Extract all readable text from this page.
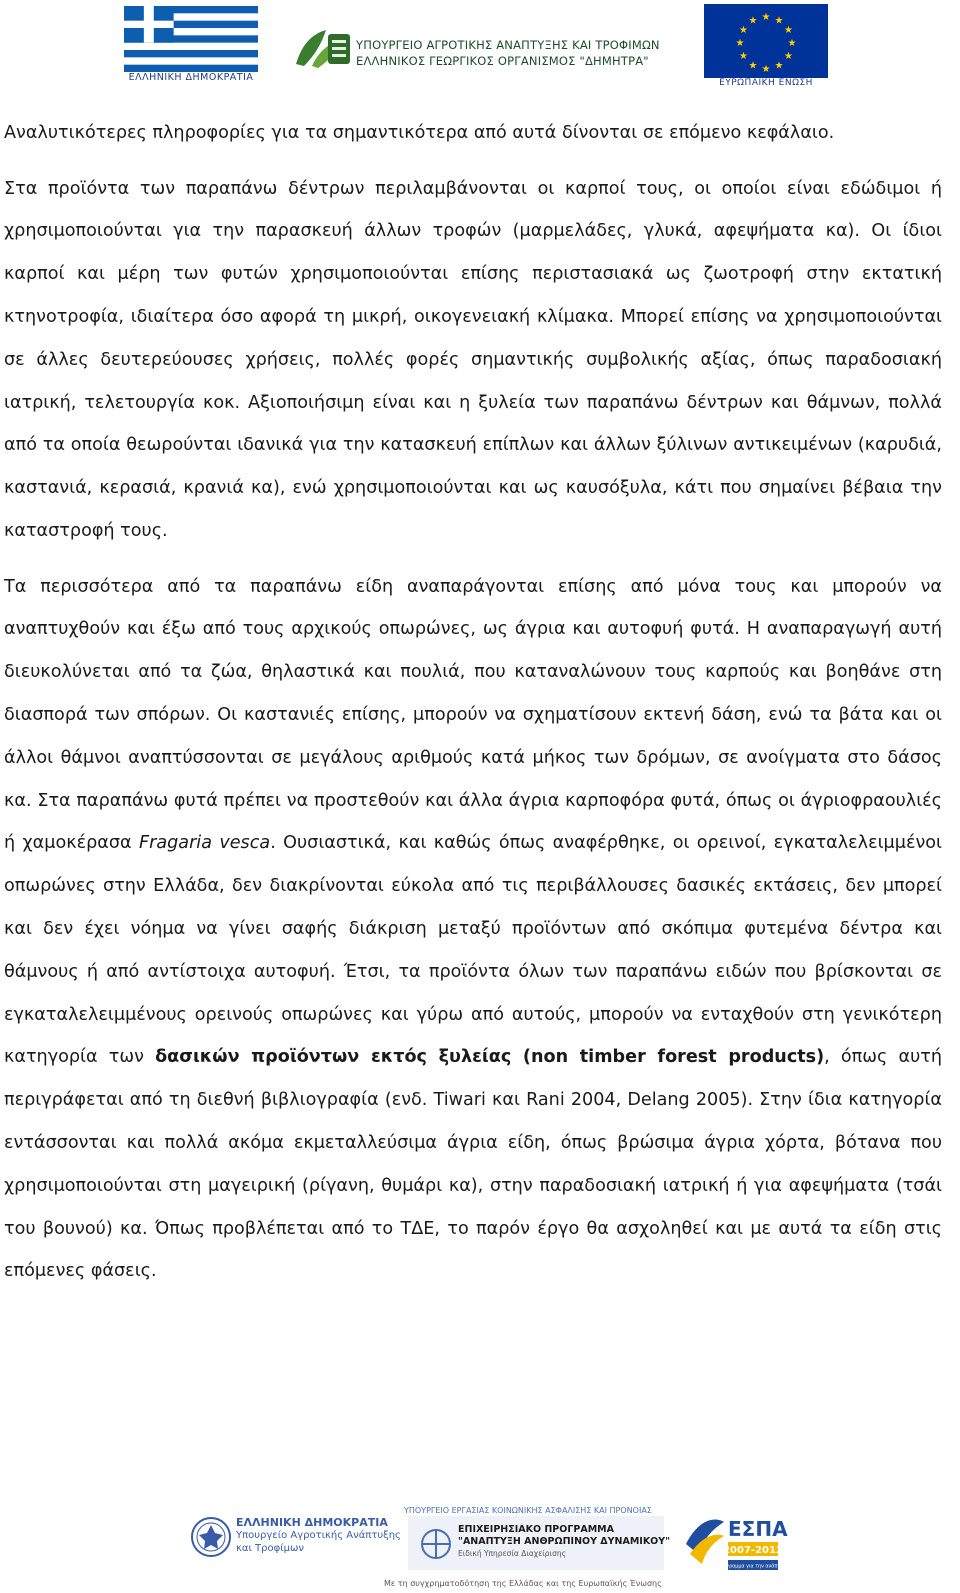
ΕΛΛΗΝΙΚΗ ΔΗΜΟΚΡΑΤΙΑ
ΥΠΟΥΡΓΕΙΟ ΑΓΡΟΤΙΚΗΣ ΑΝΑΠΤΥΞΗΣ ΚΑΙ ΤΡΟΦΙΜΩΝ
ΕΛΛΗΝΙΚΟΣ ΓΕΩΡΓΙΚΟΣ ΟΡΓΑΝΙΣΜΟΣ "ΔΗΜΗΤΡΑ"
★ ★
★
★
★
★
★
★
★
★
★
★
ΕΥΡΩΠΑΪΚΗ ΕΝΩΣΗ

Αναλυτικότερες πληροφορίες για τα σημαντικότερα από αυτά δίνονται σε επόμενο κεφάλαιο.

Στα προϊόντα των παραπάνω δέντρων περιλαμβάνονται οι καρποί τους, οι οποίοι είναι εδώδιμοι ή χρησιμοποιούνται για την παρασκευή άλλων τροφών (μαρμελάδες, γλυκά, αφεψήματα κα). Οι ίδιοι καρποί και μέρη των φυτών χρησιμοποιούνται επίσης περιστασιακά ως ζωοτροφή στην εκτατική κτηνοτροφία, ιδιαίτερα όσο αφορά τη μικρή, οικογενειακή κλίμακα. Μπορεί επίσης να χρησιμοποιούνται σε άλλες δευτερεύουσες χρήσεις, πολλές φορές σημαντικής συμβολικής αξίας, όπως παραδοσιακή ιατρική, τελετουργία κοκ. Αξιοποιήσιμη είναι και η ξυλεία των παραπάνω δέντρων και θάμνων, πολλά από τα οποία θεωρούνται ιδανικά για την κατασκευή επίπλων και άλλων ξύλινων αντικειμένων (καρυδιά, καστανιά, κερασιά, κρανιά κα), ενώ χρησιμοποιούνται και ως καυσόξυλα, κάτι που σημαίνει βέβαια την καταστροφή τους.

Τα περισσότερα από τα παραπάνω είδη αναπαράγονται επίσης από μόνα τους και μπορούν να αναπτυχθούν και έξω από τους αρχικούς οπωρώνες, ως άγρια και αυτοφυή φυτά. Η αναπαραγωγή αυτή διευκολύνεται από τα ζώα, θηλαστικά και πουλιά, που καταναλώνουν τους καρπούς και βοηθάνε στη διασπορά των σπόρων. Οι καστανιές επίσης, μπορούν να σχηματίσουν εκτενή δάση, ενώ τα βάτα και οι άλλοι θάμνοι αναπτύσσονται σε μεγάλους αριθμούς κατά μήκος των δρόμων, σε ανοίγματα στο δάσος κα. Στα παραπάνω φυτά πρέπει να προστεθούν και άλλα άγρια καρποφόρα φυτά, όπως οι άγριοφραουλιές ή χαμοκέρασα Fragaria vesca. Ουσιαστικά, και καθώς όπως αναφέρθηκε, οι ορεινοί, εγκαταλελειμμένοι οπωρώνες στην Ελλάδα, δεν διακρίνονται εύκολα από τις περιβάλλουσες δασικές εκτάσεις, δεν μπορεί και δεν έχει νόημα να γίνει σαφής διάκριση μεταξύ προϊόντων από σκόπιμα φυτεμένα δέντρα και θάμνους ή από αντίστοιχα αυτοφυή. Έτσι, τα προϊόντα όλων των παραπάνω ειδών που βρίσκονται σε εγκαταλελειμμένους ορεινούς οπωρώνες και γύρω από αυτούς, μπορούν να ενταχθούν στη γενικότερη κατηγορία των δασικών προϊόντων εκτός ξυλείας (non timber forest products), όπως αυτή περιγράφεται από τη διεθνή βιβλιογραφία (ενδ. Tiwari και Rani 2004, Delang 2005). Στην ίδια κατηγορία εντάσσονται και πολλά ακόμα εκμεταλλεύσιμα άγρια είδη, όπως βρώσιμα άγρια χόρτα, βότανα που χρησιμοποιούνται στη μαγειρική (ρίγανη, θυμάρι κα), στην παραδοσιακή ιατρική ή για αφεψήματα (τσάι του βουνού) κα. Όπως προβλέπεται από το ΤΔΕ, το παρόν έργο θα ασχοληθεί και με αυτά τα είδη στις επόμενες φάσεις.

ΕΛΛΗΝΙΚΗ ΔΗΜΟΚΡΑΤΙΑ
Υπουργείο Αγροτικής Ανάπτυξης
και Τροφίμων
ΥΠΟΥΡΓΕΙΟ ΕΡΓΑΣΙΑΣ ΚΟΙΝΩΝΙΚΗΣ ΑΣΦΑΛΙΣΗΣ ΚΑΙ ΠΡΟΝΟΙΑΣ
ΕΠΙΧΕΙΡΗΣΙΑΚΟ ΠΡΟΓΡΑΜΜΑ
"ΑΝΑΠΤΥΞΗ ΑΝΘΡΩΠΙΝΟΥ ΔΥΝΑΜΙΚΟΥ"
Ειδική Υπηρεσία Διαχείρισης
Με τη συγχρηματοδότηση της Ελλάδας και της Ευρωπαϊκής Ένωσης
ΕΣΠΑ
2007-2013
πρόγραμμα για την ανάπτυξη
